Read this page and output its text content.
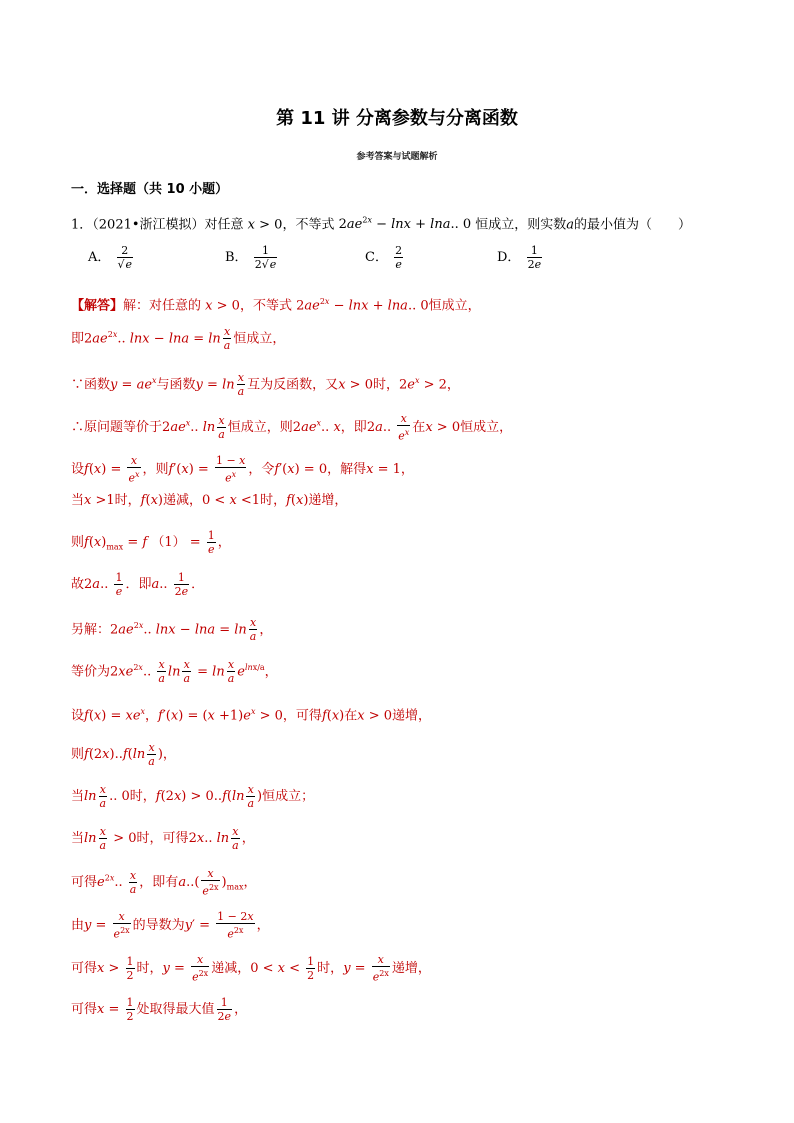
第 11 讲 分离参数与分离函数
参考答案与试题解析
一．选择题（共 10 小题）
1．（2021•浙江模拟）对任意 x > 0，不等式 $2ae^{2x} - \ln x + \ln a$.. 0 恒成立，则实数a的最小值为（　　）
A． $\frac{2}{√e}$	B． $\frac{1}{2√e}$	C． $\frac{2}{e}$	D． $\frac{1}{2e}$
【解答】解：对任意的 x > 0，不等式 $2ae^{2x} - \ln x + \ln a$.. 0恒成立，
即$2ae^{2x}$.. $\ln x - \ln a = \ln \frac{x}{a}$ 恒成立，
∵函数$y = ae^x$与函数$y = \ln \frac{x}{a}$ 互为反函数，又x > 0时，$2e^x > 2$，
∴原问题等价于$2ae^x$.. $\ln \frac{x}{a}$ 恒成立，则$2ae^x$.. x，即2a.. $\frac{x}{e^x}$ 在x > 0恒成立，
设$f(x) = \frac{x}{e^x}$ ，则$f'(x) = \frac{1 - x}{e^x}$ ，令f′(x) = 0，解得x = 1，
当x >1时，f(x)递减，0 < x <1时，f(x)递增，
则$f(x)_{max} = f$ $(1) = \frac{1}{e}$ ，
故2a.. $\frac{1}{e}$ ．即a.. $\frac{1}{2e}$ ．
另解：$2ae^{2x}$.. $\ln x - \ln a = \ln \frac{x}{a}$ ，
等价为$2xe^{2x}$.. $\frac{x}{a}$ $\ln \frac{x}{a} = \ln \frac{x}{a} e^{lnx/a}$，
设$f(x) = xe^x$，$f'(x) = (x +1)e^x > 0$，可得f(x)在x > 0递增，
则$f(2x)..f(\ln \frac{x}{a}$ )，
当$\ln \frac{x}{a}$ .. 0时，$f(2x) > 0..f(\ln \frac{x}{a}$ )恒成立；
当$\ln \frac{x}{a} > 0$时，可得2x.. $\ln \frac{x}{a}$ ，
可得$e^{2x}$.. $\frac{x}{a}$ ，即有$a..( \frac{x}{e^{2x}} )_{max}$，
由$y = \frac{x}{e^{2x}}$ 的导数为$y' = \frac{1 - 2x}{e^{2x}}$ ，
可得$x > \frac{1}{2}$ 时，$y = \frac{x}{e^{2x}}$ 递减，$0 < x < \frac{1}{2}$ 时，$y = \frac{x}{e^{2x}}$ 递增，
可得$x = \frac{1}{2}$ 处取得最大值 $\frac{1}{2e}$ ，
